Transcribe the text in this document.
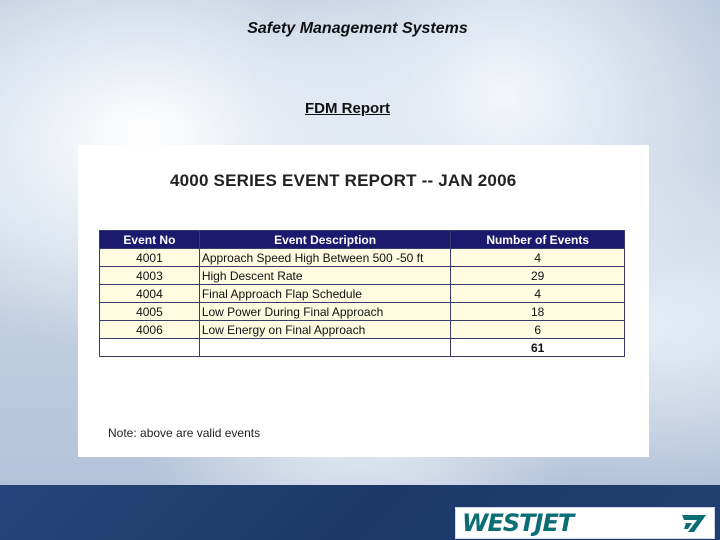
Safety Management Systems
FDM Report
4000 SERIES EVENT REPORT -- JAN 2006
Event No	Event Description	Number of Events
4001	Approach Speed High Between 500 -50 ft	4
4003	High Descent Rate	29
4004	Final Approach Flap Schedule	4
4005	Low Power During Final Approach	18
4006	Low Energy on Final Approach	6
		61
Note: above are valid events
WESTJET
